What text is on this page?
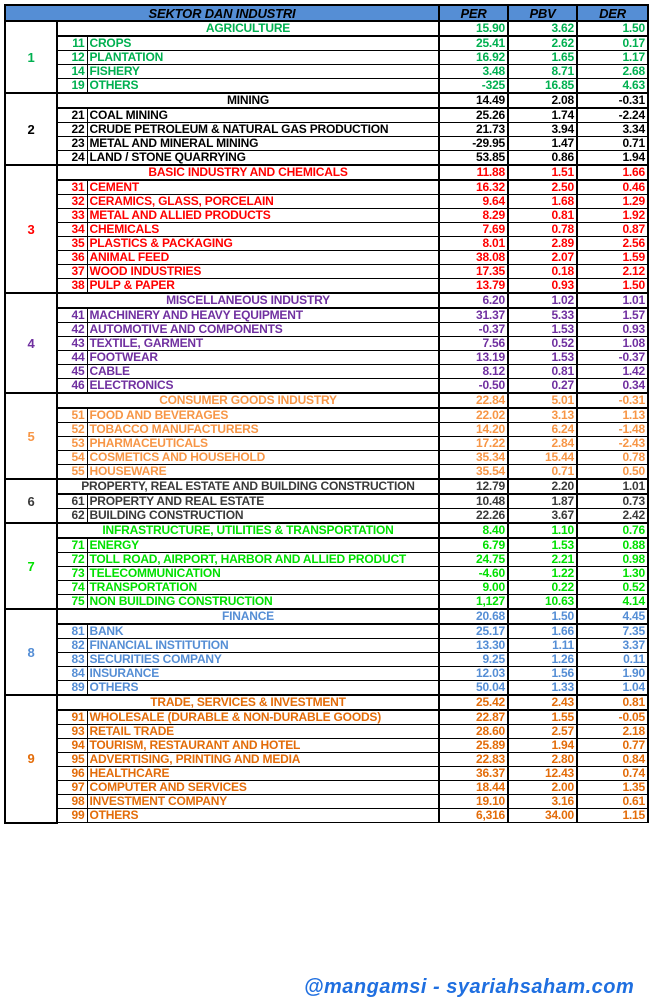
SEKTOR DAN INDUSTRI			PER	PBV	DER
1	AGRICULTURE		15.90	3.62	1.50
	11	CROPS	25.41	2.62	0.17
	12	PLANTATION	16.92	1.65	1.17
	14	FISHERY	3.48	8.71	2.68
	19	OTHERS	-325	16.85	4.63
2	MINING		14.49	2.08	-0.31
	21	COAL MINING	25.26	1.74	-2.24
	22	CRUDE PETROLEUM & NATURAL GAS PRODUCTION	21.73	3.94	3.34
	23	METAL AND MINERAL MINING	-29.95	1.47	0.71
	24	LAND / STONE QUARRYING	53.85	0.86	1.94
3	BASIC INDUSTRY AND CHEMICALS		11.88	1.51	1.66
	31	CEMENT	16.32	2.50	0.46
	32	CERAMICS, GLASS, PORCELAIN	9.64	1.68	1.29
	33	METAL AND ALLIED PRODUCTS	8.29	0.81	1.92
	34	CHEMICALS	7.69	0.78	0.87
	35	PLASTICS & PACKAGING	8.01	2.89	2.56
	36	ANIMAL FEED	38.08	2.07	1.59
	37	WOOD INDUSTRIES	17.35	0.18	2.12
	38	PULP & PAPER	13.79	0.93	1.50
4	MISCELLANEOUS INDUSTRY		6.20	1.02	1.01
	41	MACHINERY AND HEAVY EQUIPMENT	31.37	5.33	1.57
	42	AUTOMOTIVE AND COMPONENTS	-0.37	1.53	0.93
	43	TEXTILE, GARMENT	7.56	0.52	1.08
	44	FOOTWEAR	13.19	1.53	-0.37
	45	CABLE	8.12	0.81	1.42
	46	ELECTRONICS	-0.50	0.27	0.34
5	CONSUMER GOODS INDUSTRY		22.84	5.01	-0.31
	51	FOOD AND BEVERAGES	22.02	3.13	1.13
	52	TOBACCO MANUFACTURERS	14.20	6.24	-1.48
	53	PHARMACEUTICALS	17.22	2.84	-2.43
	54	COSMETICS AND HOUSEHOLD	35.34	15.44	0.78
	55	HOUSEWARE	35.54	0.71	0.50
6	PROPERTY, REAL ESTATE AND BUILDING CONSTRUCTION		12.79	2.20	1.01
	61	PROPERTY AND REAL ESTATE	10.48	1.87	0.73
	62	BUILDING CONSTRUCTION	22.26	3.67	2.42
7	INFRASTRUCTURE, UTILITIES & TRANSPORTATION		8.40	1.10	0.76
	71	ENERGY	6.79	1.53	0.88
	72	TOLL ROAD, AIRPORT, HARBOR AND ALLIED PRODUCT	24.75	2.21	0.98
	73	TELECOMMUNICATION	-4.60	1.22	1.30
	74	TRANSPORTATION	9.00	0.22	0.52
	75	NON BUILDING CONSTRUCTION	1,127	10.63	4.14
8	FINANCE		20.68	1.50	4.45
	81	BANK	25.17	1.66	7.35
	82	FINANCIAL INSTITUTION	13.30	1.11	3.37
	83	SECURITIES COMPANY	9.25	1.26	0.11
	84	INSURANCE	12.03	1.56	1.90
	89	OTHERS	50.04	1.33	1.04
9	TRADE, SERVICES & INVESTMENT		25.42	2.43	0.81
	91	WHOLESALE (DURABLE & NON-DURABLE GOODS)	22.87	1.55	-0.05
	93	RETAIL TRADE	28.60	2.57	2.18
	94	TOURISM, RESTAURANT AND HOTEL	25.89	1.94	0.77
	95	ADVERTISING, PRINTING AND MEDIA	22.83	2.80	0.84
	96	HEALTHCARE	36.37	12.43	0.74
	97	COMPUTER AND SERVICES	18.44	2.00	1.35
	98	INVESTMENT COMPANY	19.10	3.16	0.61
	99	OTHERS	6,316	34.00	1.15
@mangamsi - syariahsaham.com
